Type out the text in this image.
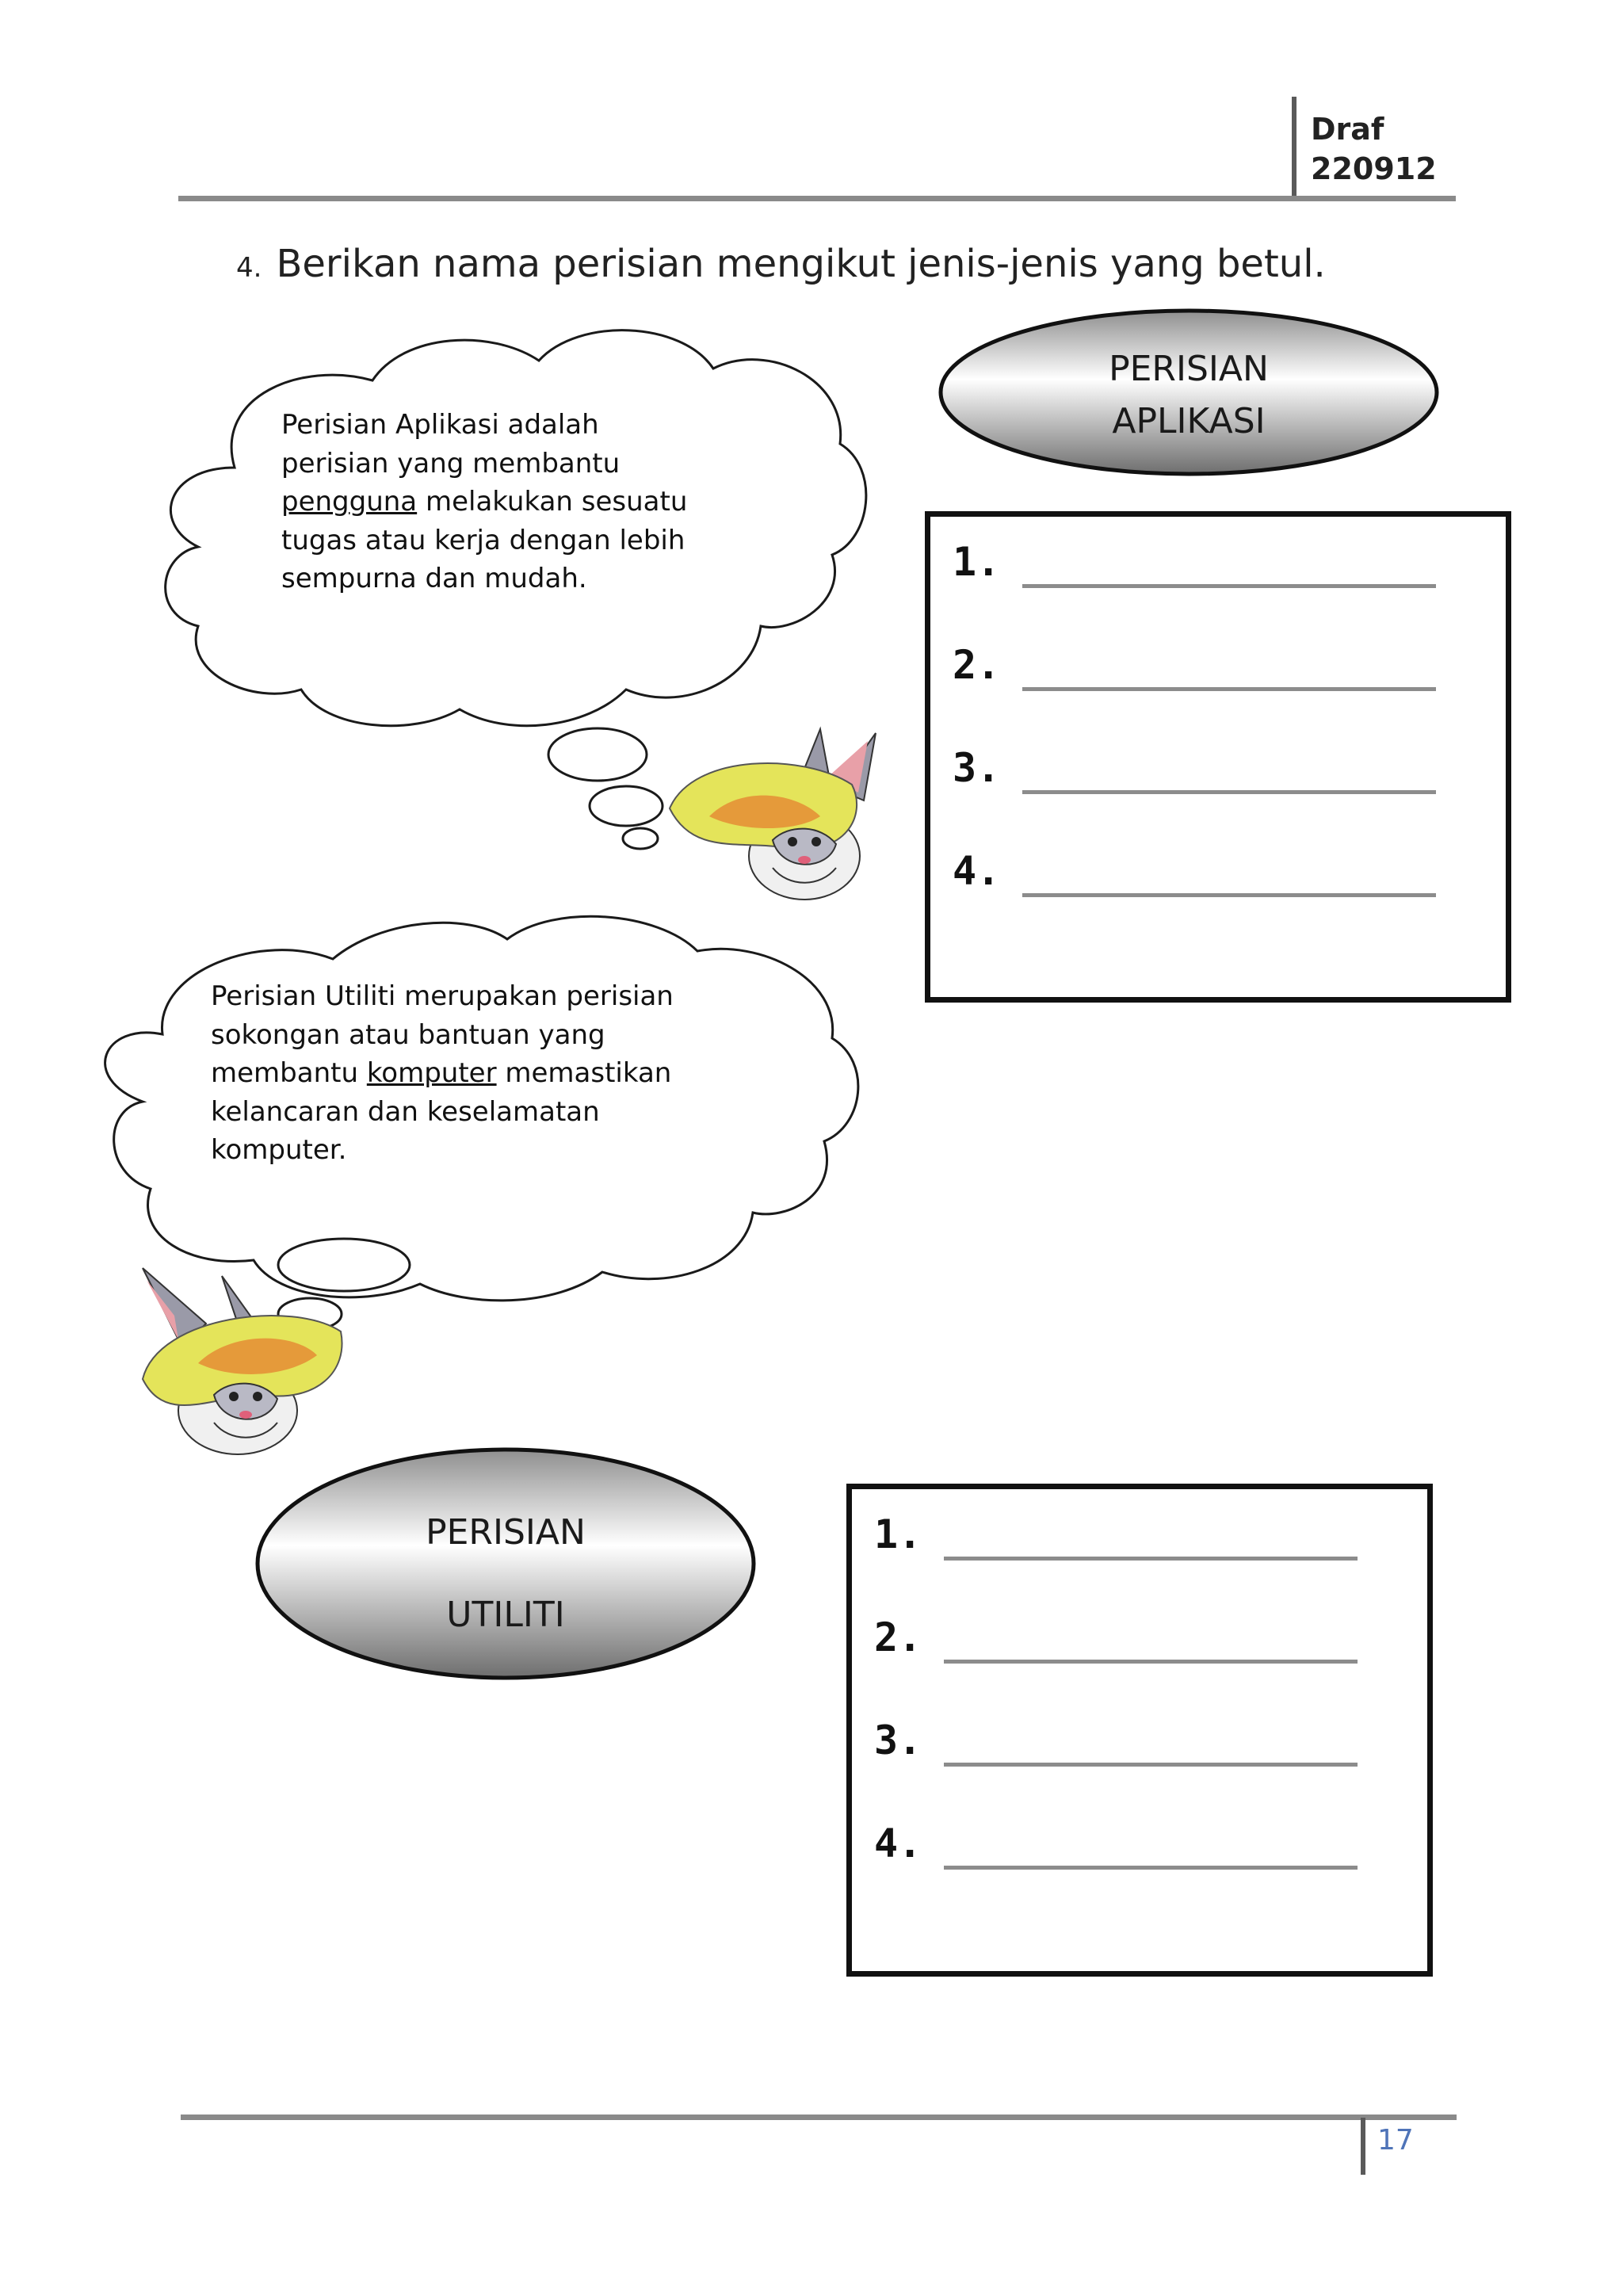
Draf
220912
4. Berikan nama perisian mengikut jenis-jenis yang betul.
Perisian Aplikasi adalah
perisian yang membantu
pengguna melakukan sesuatu
tugas atau kerja dengan lebih
sempurna dan mudah.
Perisian Utiliti merupakan perisian
sokongan atau bantuan yang
membantu komputer memastikan
kelancaran dan keselamatan
komputer.
PERISIAN
APLIKASI
PERISIAN
UTILITI
1.
2.
3.
4.
1.
2.
3.
4.
17
